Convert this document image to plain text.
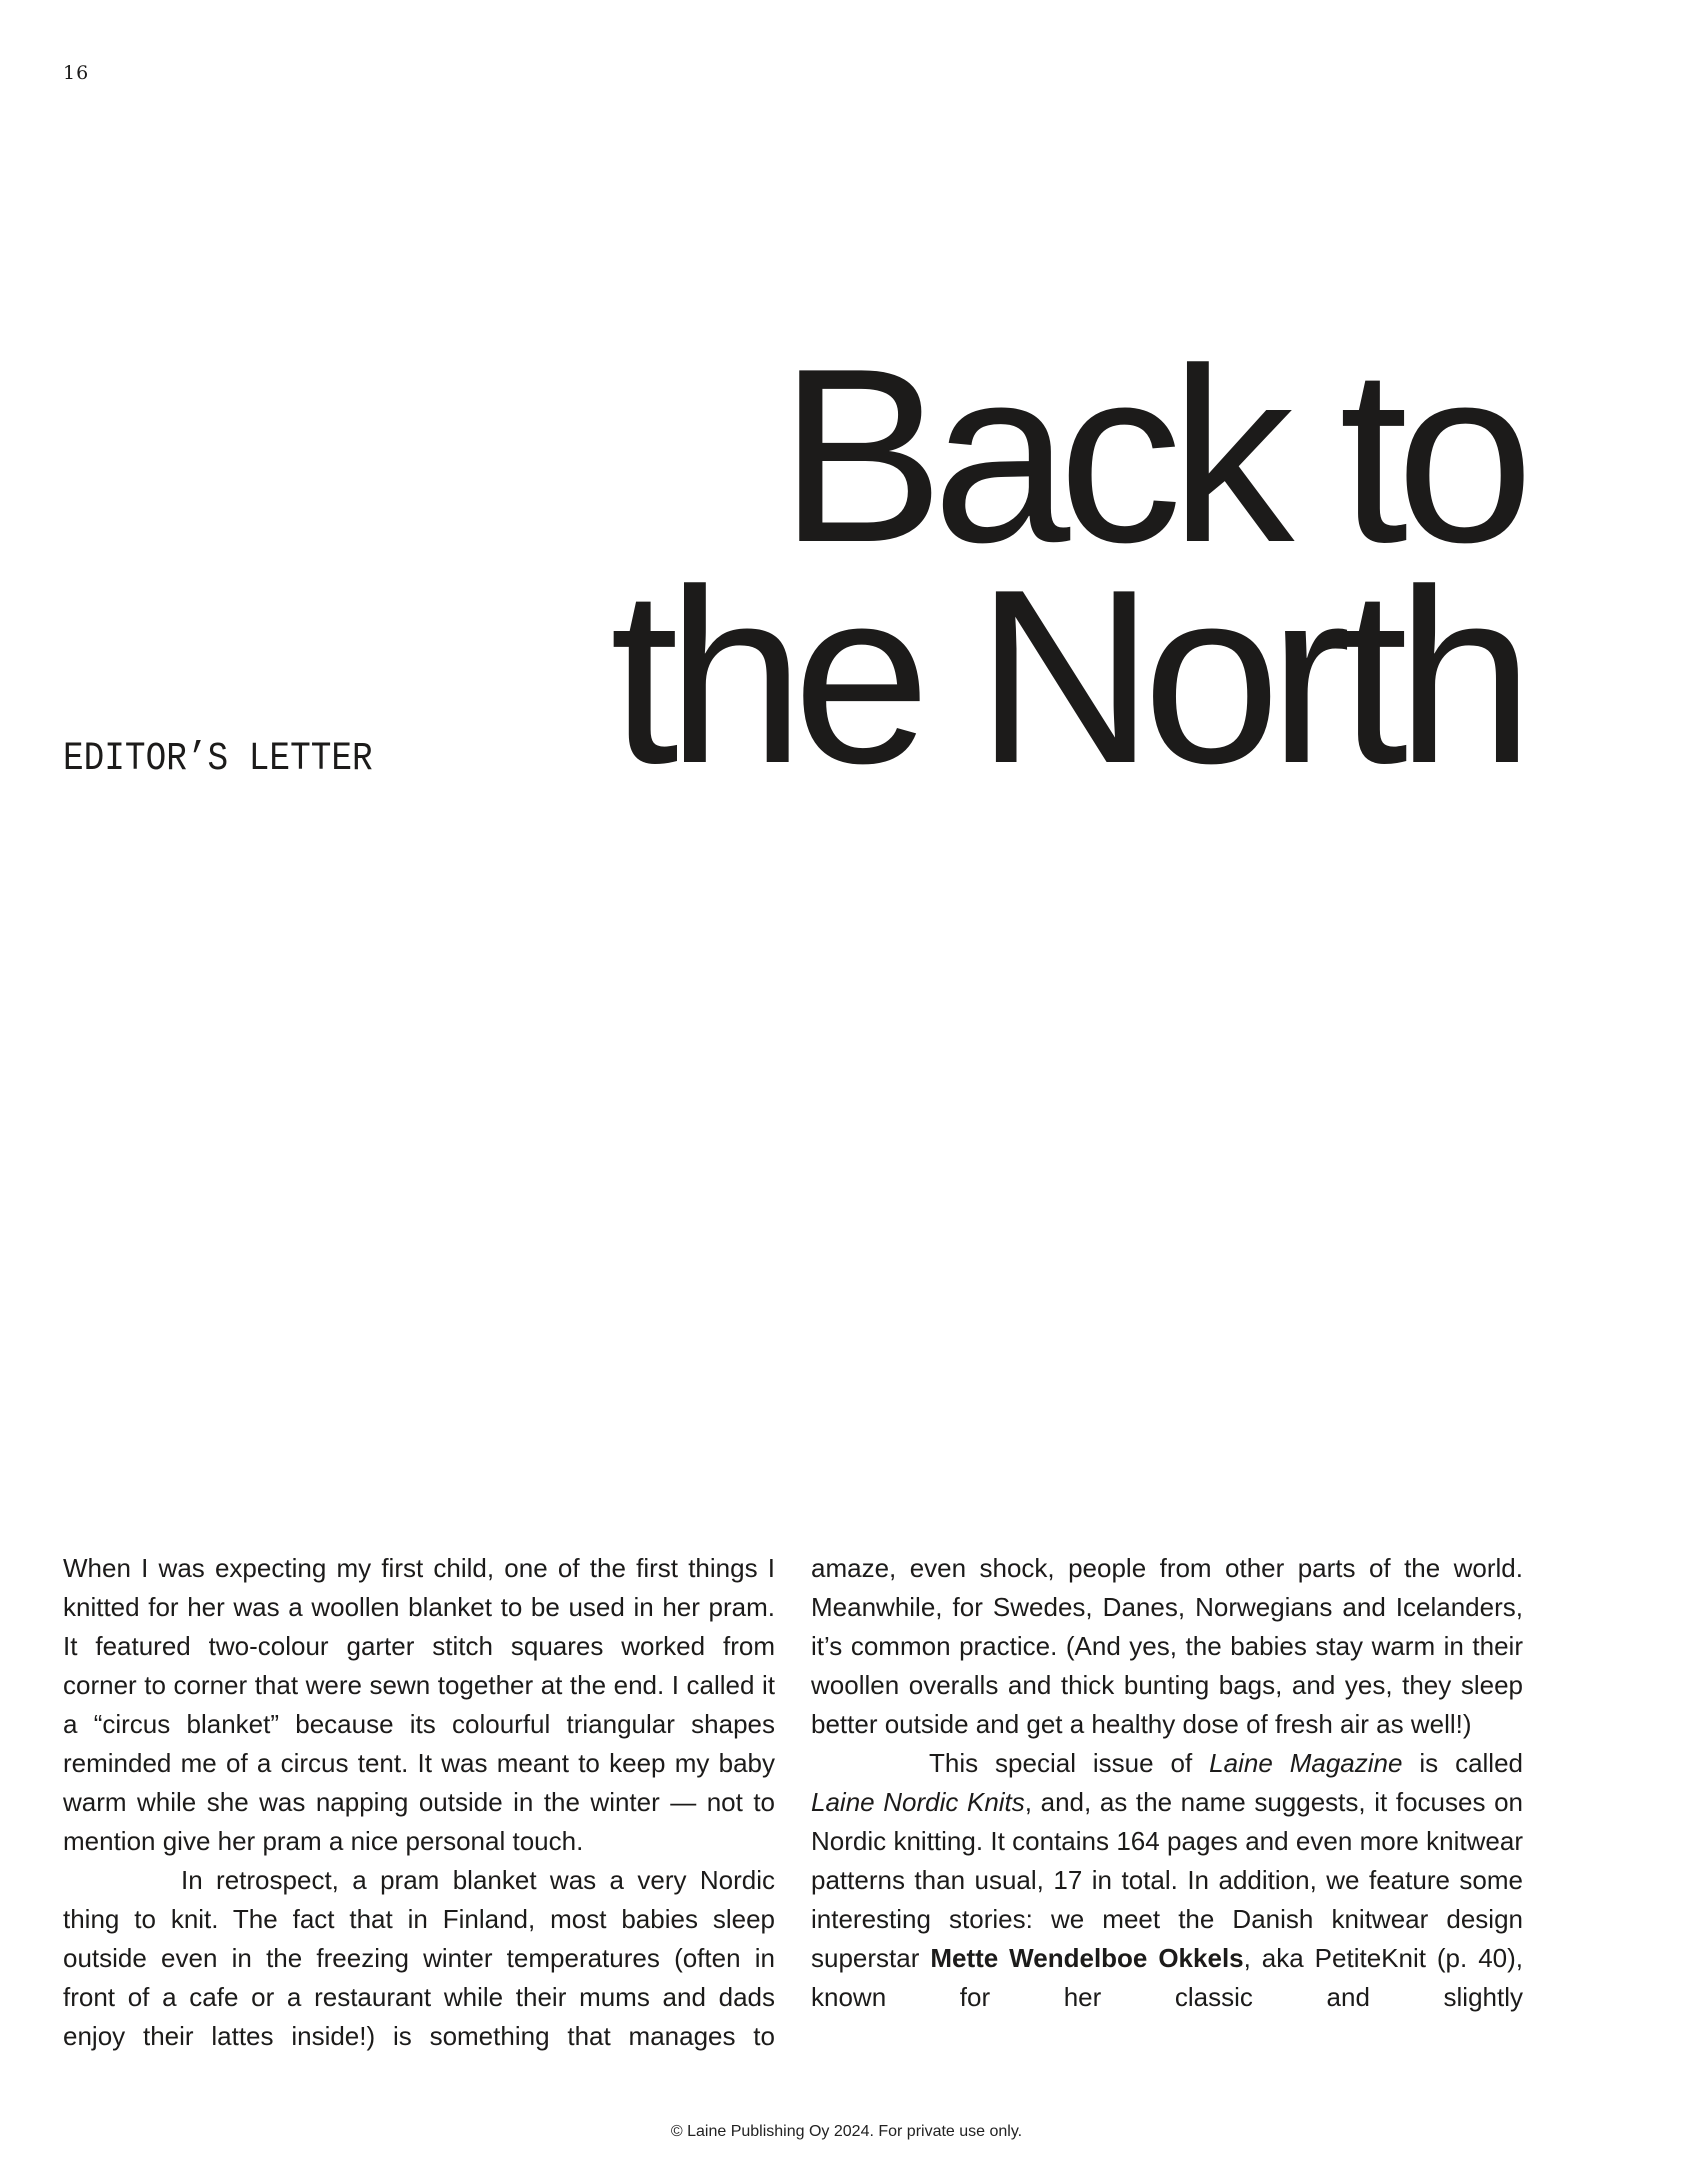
16
EDITOR’S LETTER
Back to
the North

When I was expecting my first child, one of the first things I knitted for her was a woollen blanket to be used in her pram. It featured two-colour garter stitch squares worked from corner to corner that were sewn together at the end. I called it a “circus blanket” because its colourful triangular shapes reminded me of a circus tent. It was meant to keep my baby warm while she was napping outside in the winter — not to mention give her pram a nice personal touch.

In retrospect, a pram blanket was a very Nordic thing to knit. The fact that in Finland, most babies sleep outside even in the freezing winter temperatures (often in front of a cafe or a restaurant while their mums and dads enjoy their lattes inside!) is something that manages to

amaze, even shock, people from other parts of the world. Meanwhile, for Swedes, Danes, Norwegians and Icelanders, it’s common practice. (And yes, the babies stay warm in their woollen overalls and thick bunting bags, and yes, they sleep better outside and get a healthy dose of fresh air as well!)

This special issue of Laine Magazine is called Laine Nordic Knits, and, as the name suggests, it focuses on Nordic knitting. It contains 164 pages and even more knitwear patterns than usual, 17 in total. In addition, we feature some interesting stories: we meet the Danish knitwear design superstar Mette Wendelboe Okkels, aka PetiteKnit (p. 40), known for her classic and slightly

© Laine Publishing Oy 2024. For private use only.
